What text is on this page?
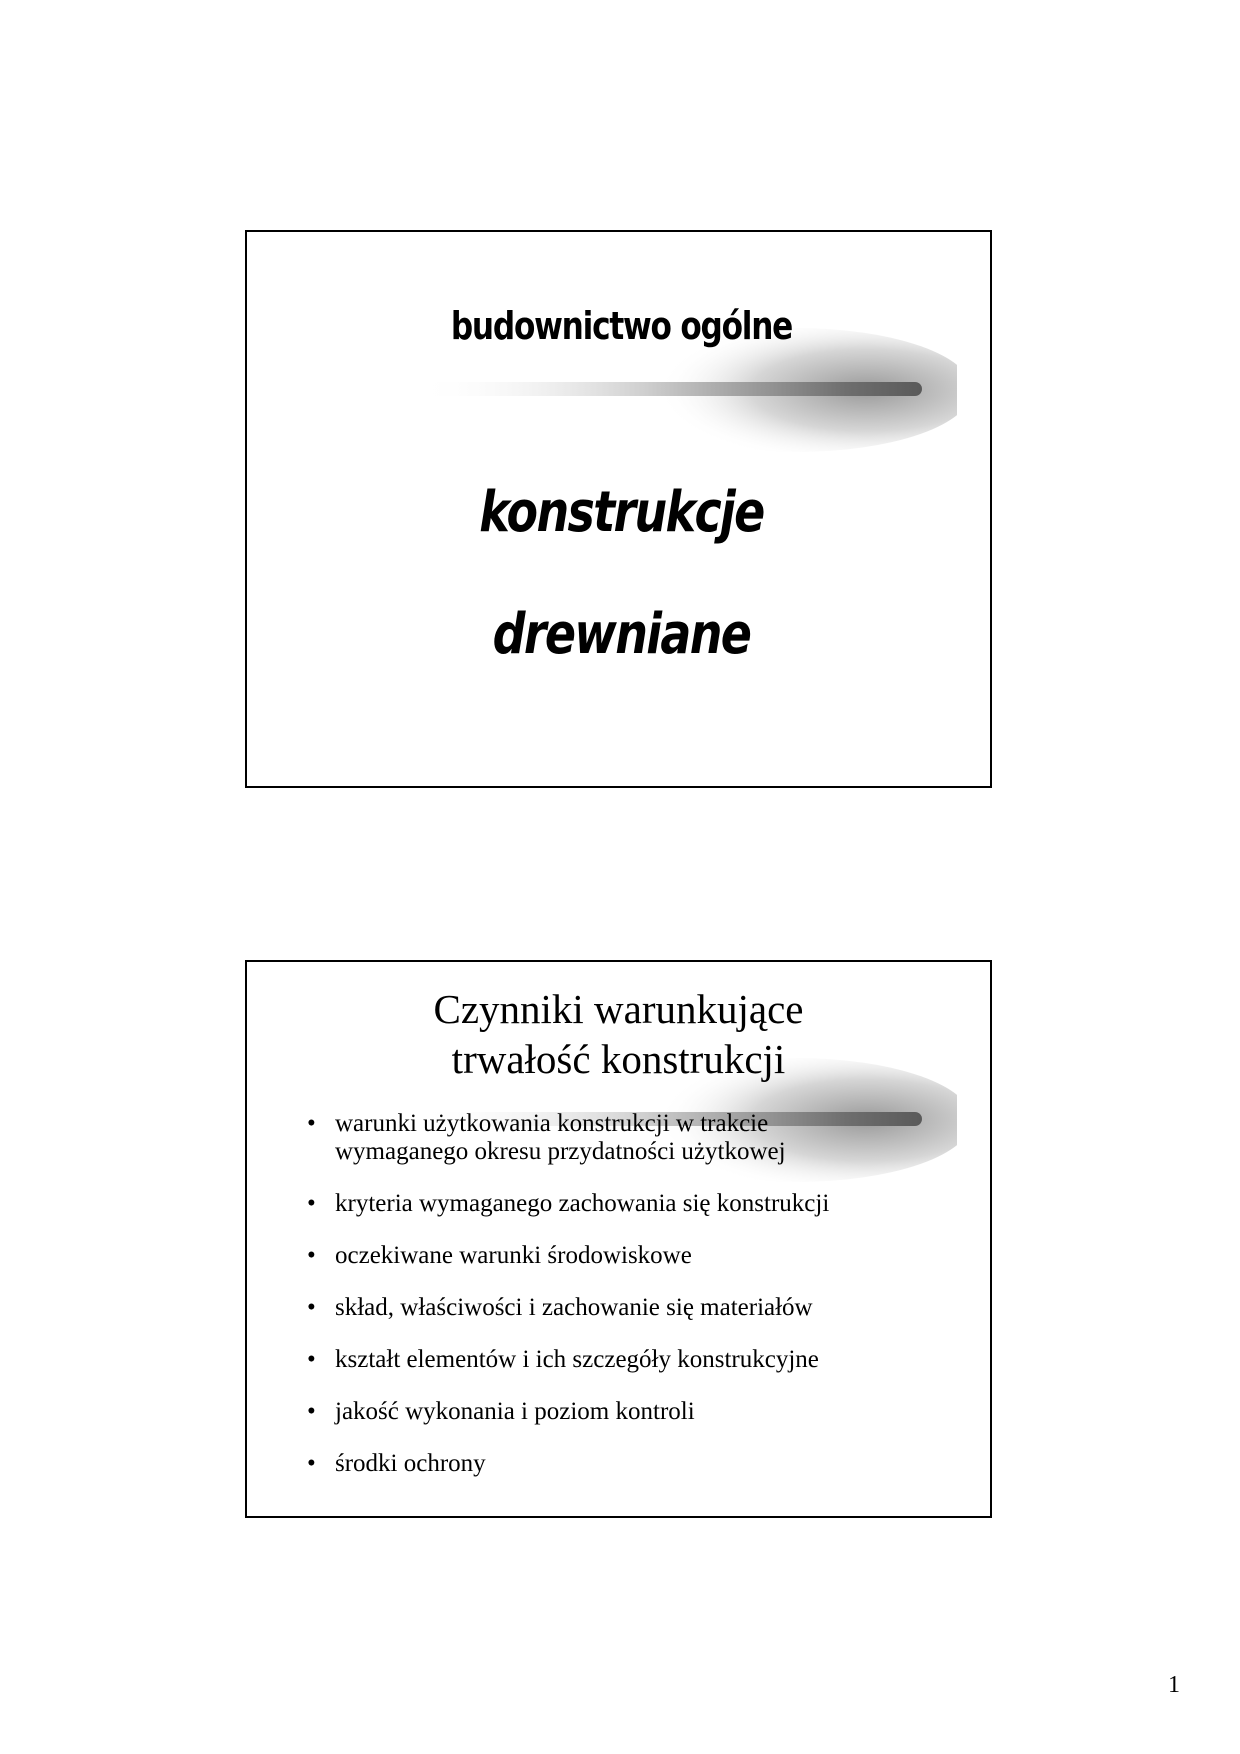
budownictwo ogólne
konstrukcje
drewniane
Czynniki warunkujące
trwałość konstrukcji
• warunki użytkowania konstrukcji w trakcie
wymaganego okresu przydatności użytkowej
• kryteria wymaganego zachowania się konstrukcji
• oczekiwane warunki środowiskowe
• skład, właściwości i zachowanie się materiałów
• kształt elementów i ich szczegóły konstrukcyjne
• jakość wykonania i poziom kontroli
• środki ochrony
1
